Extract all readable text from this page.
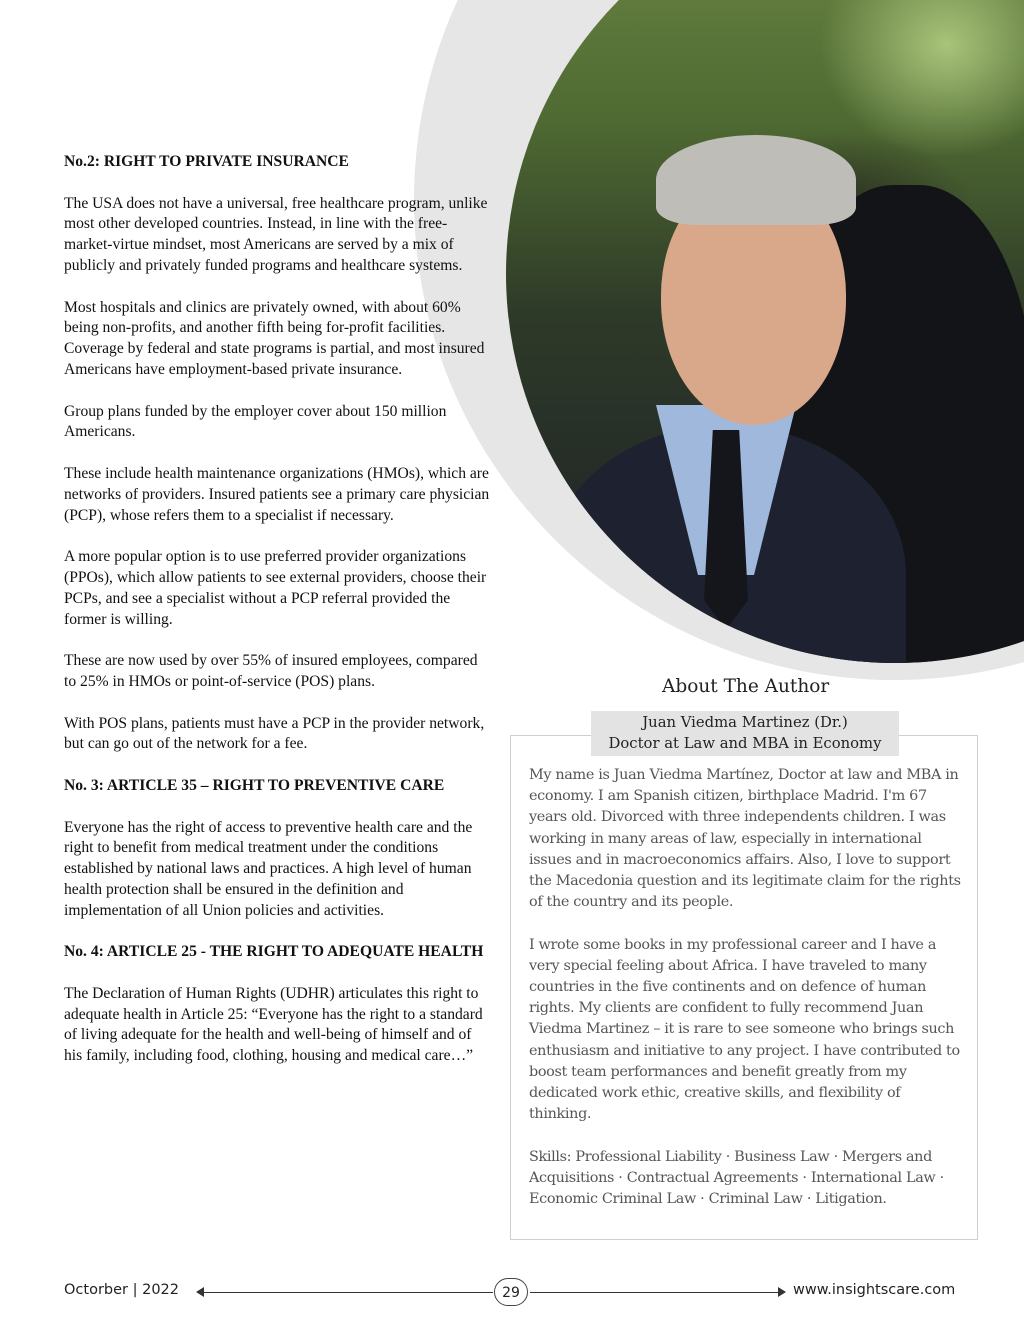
No.2: RIGHT TO PRIVATE INSURANCE

The USA does not have a universal, free healthcare program, unlike most other developed countries. Instead, in line with the free-market-virtue mindset, most Americans are served by a mix of publicly and privately funded programs and healthcare systems.

Most hospitals and clinics are privately owned, with about 60% being non-profits, and another fifth being for-profit facilities. Coverage by federal and state programs is partial, and most insured Americans have employment-based private insurance.

Group plans funded by the employer cover about 150 million Americans.

These include health maintenance organizations (HMOs), which are networks of providers. Insured patients see a primary care physician (PCP), whose refers them to a specialist if necessary.

A more popular option is to use preferred provider organizations (PPOs), which allow patients to see external providers, choose their PCPs, and see a specialist without a PCP referral provided the former is willing.

These are now used by over 55% of insured employees, compared to 25% in HMOs or point-of-service (POS) plans.

With POS plans, patients must have a PCP in the provider network, but can go out of the network for a fee.

No. 3: ARTICLE 35 – RIGHT TO PREVENTIVE CARE

Everyone has the right of access to preventive health care and the right to benefit from medical treatment under the conditions established by national laws and practices. A high level of human health protection shall be ensured in the definition and implementation of all Union policies and activities.

No. 4: ARTICLE 25 - THE RIGHT TO ADEQUATE HEALTH

The Declaration of Human Rights (UDHR) articulates this right to adequate health in Article 25: “Everyone has the right to a standard of living adequate for the health and well-being of himself and of his family, including food, clothing, housing and medical care…”

About The Author
Juan Viedma Martinez (Dr.)
Doctor at Law and MBA in Economy

My name is Juan Viedma Martínez, Doctor at law and MBA in economy. I am Spanish citizen, birthplace Madrid. I'm 67 years old. Divorced with three independents children. I was working in many areas of law, especially in international issues and in macroeconomics affairs. Also, I love to support the Macedonia question and its legitimate claim for the rights of the country and its people.

I wrote some books in my professional career and I have a very special feeling about Africa. I have traveled to many countries in the five continents and on defence of human rights. My clients are confident to fully recommend Juan Viedma Martinez – it is rare to see someone who brings such enthusiasm and initiative to any project. I have contributed to boost team performances and benefit greatly from my dedicated work ethic, creative skills, and flexibility of thinking.

Skills: Professional Liability · Business Law · Mergers and Acquisitions · Contractual Agreements · International Law · Economic Criminal Law · Criminal Law · Litigation.

Octorber | 2022	29	www.insightscare.com
